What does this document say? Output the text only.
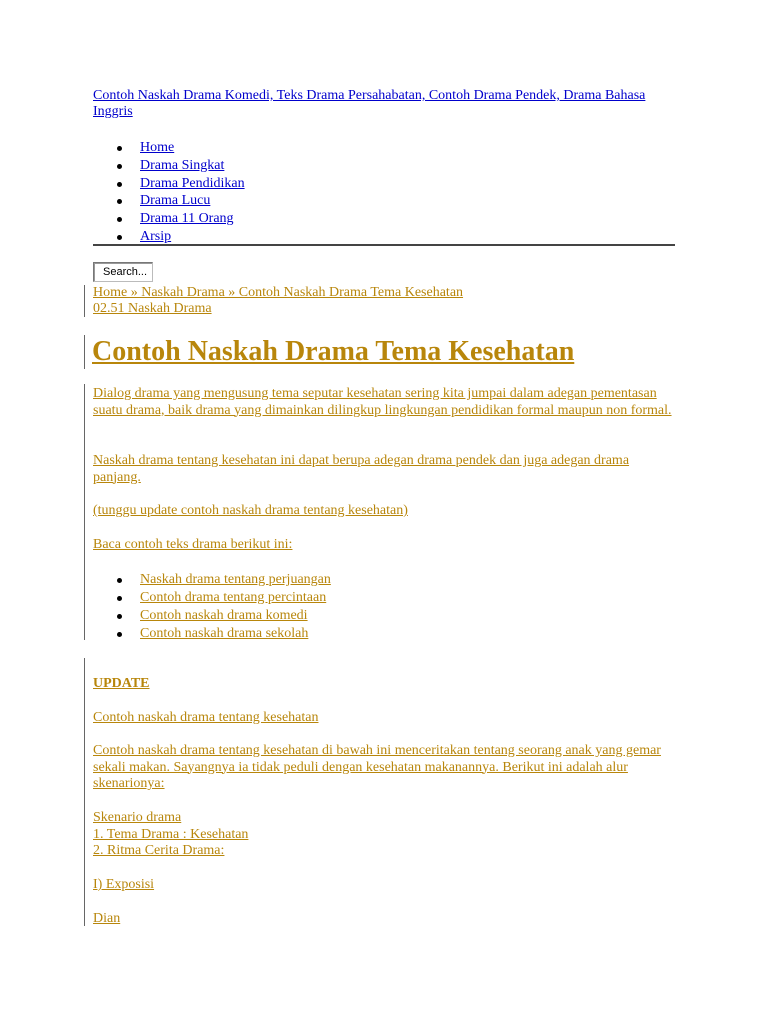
Contoh Naskah Drama Komedi, Teks Drama Persahabatan, Contoh Drama Pendek, Drama Bahasa Inggris
Home
Drama Singkat
Drama Pendidikan
Drama Lucu
Drama 11 Orang
Arsip
Search...
Home » Naskah Drama » Contoh Naskah Drama Tema Kesehatan
02.51 Naskah Drama
Contoh Naskah Drama Tema Kesehatan

Dialog drama yang mengusung tema seputar kesehatan sering kita jumpai dalam adegan pementasan suatu drama, baik drama yang dimainkan dilingkup lingkungan pendidikan formal maupun non formal.

Naskah drama tentang kesehatan ini dapat berupa adegan drama pendek dan juga adegan drama panjang.

(tunggu update contoh naskah drama tentang kesehatan)

Baca contoh teks drama berikut ini:

Naskah drama tentang perjuangan
Contoh drama tentang percintaan
Contoh naskah drama komedi
Contoh naskah drama sekolah

UPDATE

Contoh naskah drama tentang kesehatan

Contoh naskah drama tentang kesehatan di bawah ini menceritakan tentang seorang anak yang gemar sekali makan. Sayangnya ia tidak peduli dengan kesehatan makanannya. Berikut ini adalah alur skenarionya:

Skenario drama
1. Tema Drama : Kesehatan
2. Ritma Cerita Drama:

I) Exposisi

Dian
